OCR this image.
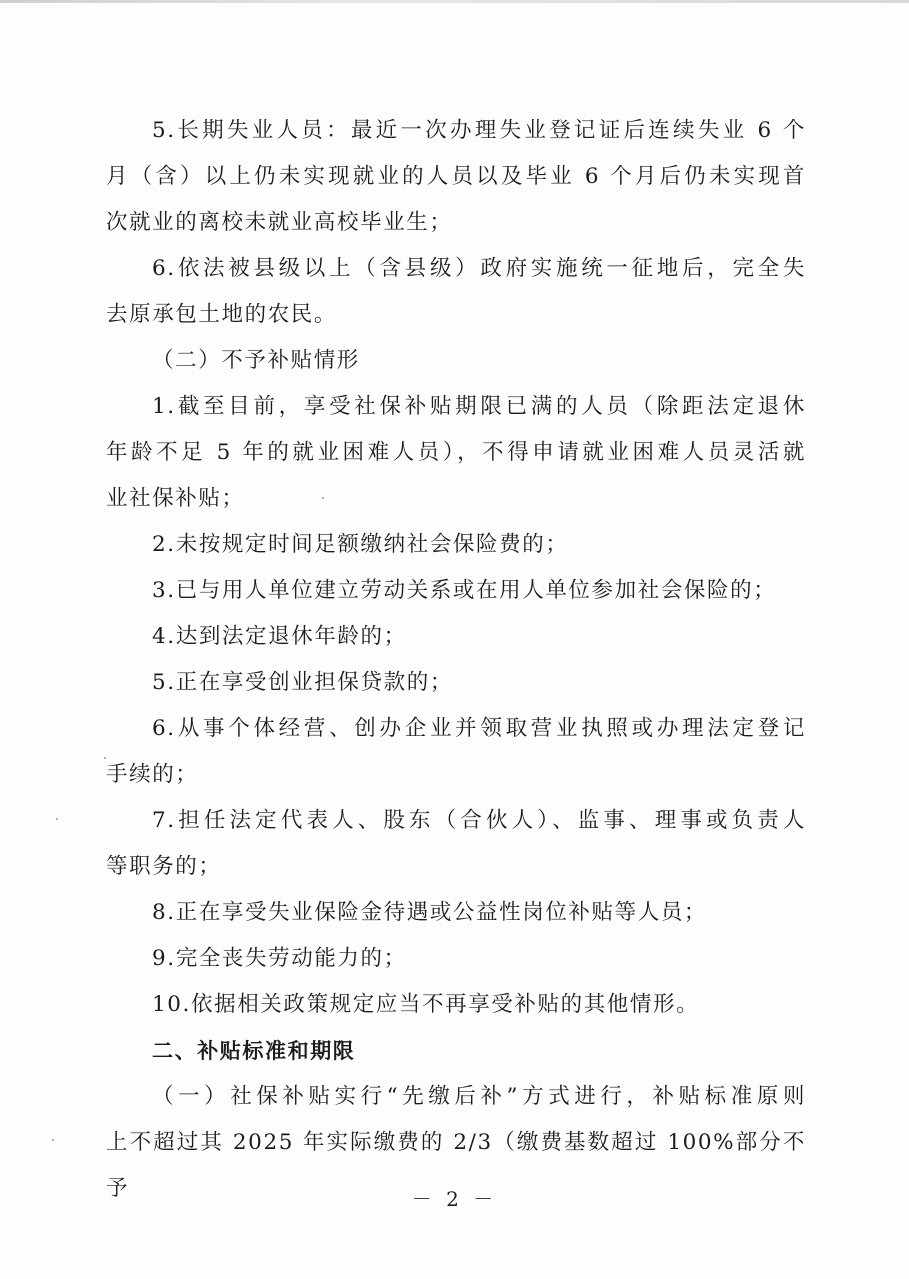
5.长期失业人员：最近一次办理失业登记证后连续失业 6 个

月（含）以上仍未实现就业的人员以及毕业 6 个月后仍未实现首

次就业的离校未就业高校毕业生；

6.依法被县级以上（含县级）政府实施统一征地后，完全失

去原承包土地的农民。

（二）不予补贴情形

1.截至目前，享受社保补贴期限已满的人员（除距法定退休

年龄不足 5 年的就业困难人员），不得申请就业困难人员灵活就

业社保补贴；

2.未按规定时间足额缴纳社会保险费的；

3.已与用人单位建立劳动关系或在用人单位参加社会保险的；

4.达到法定退休年龄的；

5.正在享受创业担保贷款的；

6.从事个体经营、创办企业并领取营业执照或办理法定登记

手续的；

7.担任法定代表人、股东（合伙人）、监事、理事或负责人

等职务的；

8.正在享受失业保险金待遇或公益性岗位补贴等人员；

9.完全丧失劳动能力的；

10.依据相关政策规定应当不再享受补贴的其他情形。

二、补贴标准和期限

（一）社保补贴实行“先缴后补”方式进行，补贴标准原则

上不超过其 2025 年实际缴费的 2/3（缴费基数超过 100%部分不予	－ 2 －
